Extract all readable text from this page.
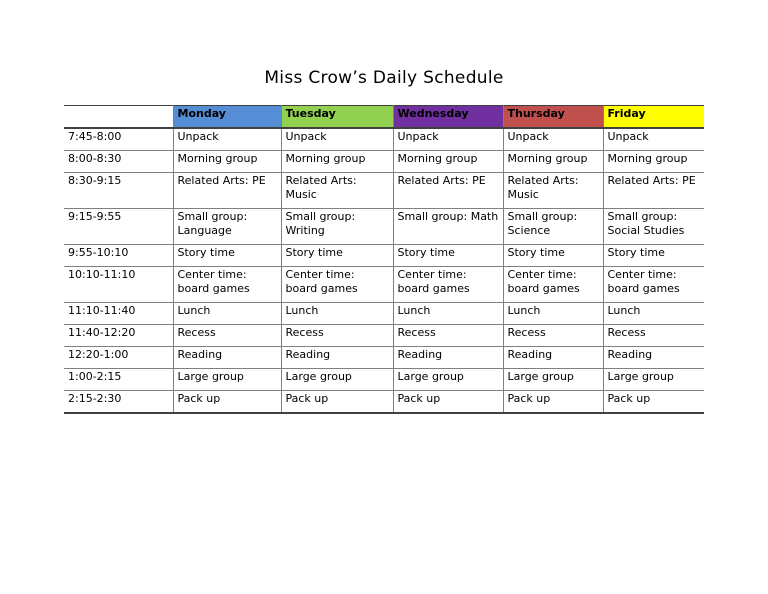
Miss Crow’s Daily Schedule
	Monday	Tuesday	Wednesday	Thursday	Friday
7:45-8:00	Unpack	Unpack	Unpack	Unpack	Unpack
8:00-8:30	Morning group	Morning group	Morning group	Morning group	Morning group
8:30-9:15	Related Arts: PE	Related Arts: Music	Related Arts: PE	Related Arts: Music	Related Arts: PE
9:15-9:55	Small group: Language	Small group: Writing	Small group: Math	Small group: Science	Small group: Social Studies
9:55-10:10	Story time	Story time	Story time	Story time	Story time
10:10-11:10	Center time: board games	Center time: board games	Center time: board games	Center time: board games	Center time: board games
11:10-11:40	Lunch	Lunch	Lunch	Lunch	Lunch
11:40-12:20	Recess	Recess	Recess	Recess	Recess
12:20-1:00	Reading	Reading	Reading	Reading	Reading
1:00-2:15	Large group	Large group	Large group	Large group	Large group
2:15-2:30	Pack up	Pack up	Pack up	Pack up	Pack up
